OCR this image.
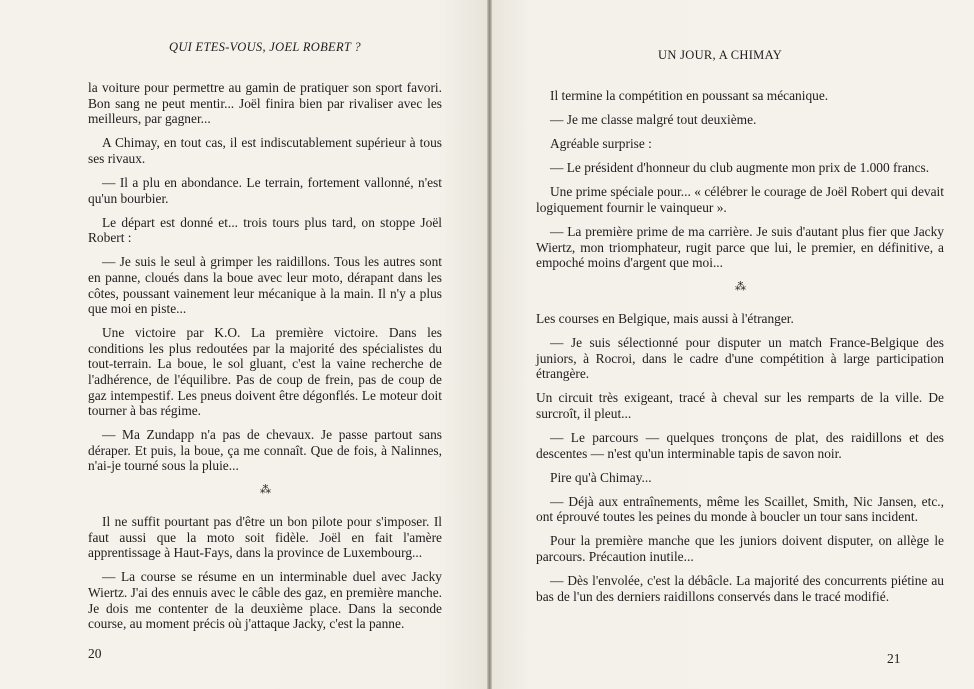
QUI ETES-VOUS, JOEL ROBERT ?

la voiture pour permettre au gamin de pratiquer son sport favori. Bon sang ne peut mentir... Joël finira bien par rivaliser avec les meilleurs, par gagner...

A Chimay, en tout cas, il est indiscutablement supérieur à tous ses rivaux.

— Il a plu en abondance. Le terrain, fortement vallonné, n'est qu'un bourbier.

Le départ est donné et... trois tours plus tard, on stoppe Joël Robert :

— Je suis le seul à grimper les raidillons. Tous les autres sont en panne, cloués dans la boue avec leur moto, dérapant dans les côtes, poussant vainement leur mécanique à la main. Il n'y a plus que moi en piste...

Une victoire par K.O. La première victoire. Dans les conditions les plus redoutées par la majorité des spécialistes du tout-terrain. La boue, le sol gluant, c'est la vaine recherche de l'adhérence, de l'équilibre. Pas de coup de frein, pas de coup de gaz intempestif. Les pneus doivent être dégonflés. Le moteur doit tourner à bas régime.

— Ma Zundapp n'a pas de chevaux. Je passe partout sans déraper. Et puis, la boue, ça me connaît. Que de fois, à Nalinnes, n'ai-je tourné sous la pluie...

⁂

Il ne suffit pourtant pas d'être un bon pilote pour s'imposer. Il faut aussi que la moto soit fidèle. Joël en fait l'amère apprentissage à Haut-Fays, dans la province de Luxembourg...

— La course se résume en un interminable duel avec Jacky Wiertz. J'ai des ennuis avec le câble des gaz, en première manche. Je dois me contenter de la deuxième place. Dans la seconde course, au moment précis où j'attaque Jacky, c'est la panne.

20
UN JOUR, A CHIMAY

Il termine la compétition en poussant sa mécanique.

— Je me classe malgré tout deuxième.

Agréable surprise :

— Le président d'honneur du club augmente mon prix de 1.000 francs.

Une prime spéciale pour... « célébrer le courage de Joël Robert qui devait logiquement fournir le vainqueur ».

— La première prime de ma carrière. Je suis d'autant plus fier que Jacky Wiertz, mon triomphateur, rugit parce que lui, le premier, en définitive, a empoché moins d'argent que moi...

⁂

Les courses en Belgique, mais aussi à l'étranger.

— Je suis sélectionné pour disputer un match France-Belgique des juniors, à Rocroi, dans le cadre d'une compétition à large participation étrangère.

Un circuit très exigeant, tracé à cheval sur les remparts de la ville. De surcroît, il pleut...

— Le parcours — quelques tronçons de plat, des raidillons et des descentes — n'est qu'un interminable tapis de savon noir.

Pire qu'à Chimay...

— Déjà aux entraînements, même les Scaillet, Smith, Nic Jansen, etc., ont éprouvé toutes les peines du monde à boucler un tour sans incident.

Pour la première manche que les juniors doivent disputer, on allège le parcours. Précaution inutile...

— Dès l'envolée, c'est la débâcle. La majorité des concurrents piétine au bas de l'un des derniers raidillons conservés dans le tracé modifié.

21
